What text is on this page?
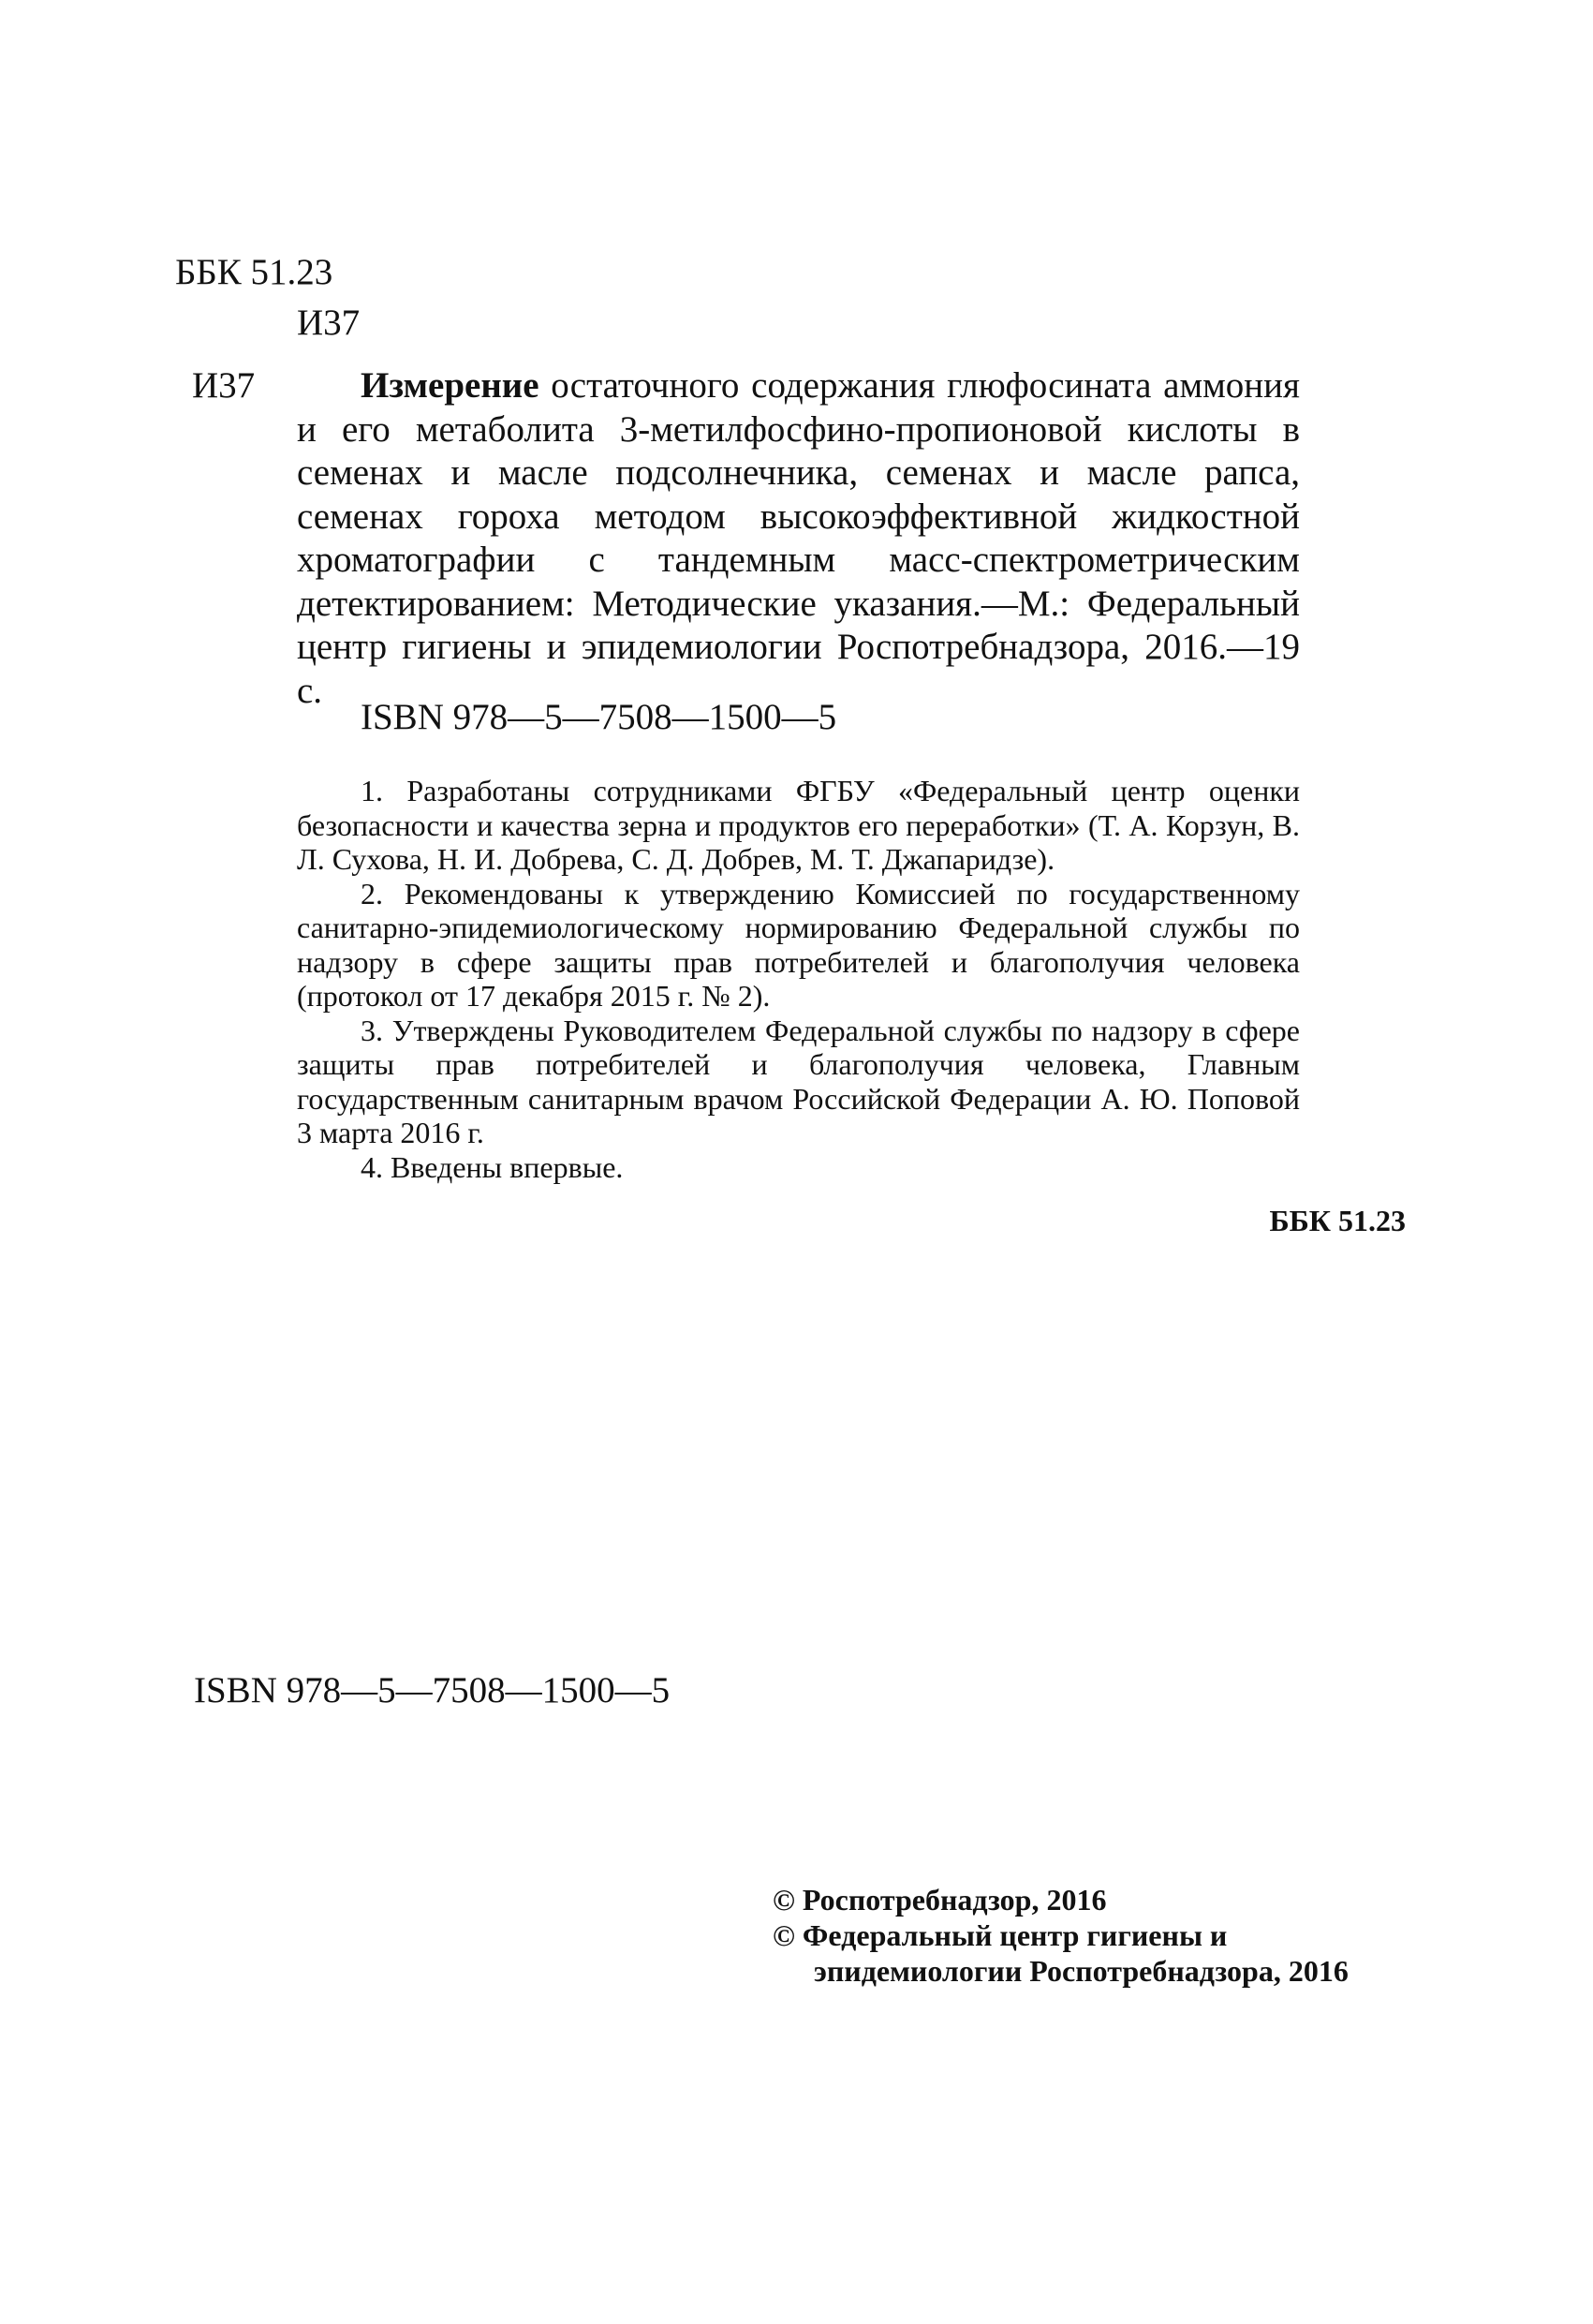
ББК 51.23
И37
И37	Измерение остаточного содержания глюфосината аммония и его метаболита 3-метилфосфино-пропионовой кислоты в семенах и масле подсолнечника, семенах и масле рапса, семенах гороха методом высокоэффективной жидкостной хроматографии с тандемным масс-спектрометрическим детектированием: Методические указания.—М.: Федеральный центр гигиены и эпидемиологии Роспотребнадзора, 2016.—19 с.
ISBN 978—5—7508—1500—5

1. Разработаны сотрудниками ФГБУ «Федеральный центр оценки безопасности и качества зерна и продуктов его переработки» (Т. А. Корзун, В. Л. Сухова, Н. И. Добрева, С. Д. Добрев, М. Т. Джапаридзе).

2. Рекомендованы к утверждению Комиссией по государственному санитарно-эпидемиологическому нормированию Федеральной службы по надзору в сфере защиты прав потребителей и благополучия человека (протокол от 17 декабря 2015 г. № 2).

3. Утверждены Руководителем Федеральной службы по надзору в сфере защиты прав потребителей и благополучия человека, Главным государственным санитарным врачом Российской Федерации А. Ю. Поповой 3 марта 2016 г.

4. Введены впервые.

ББК 51.23
ISBN 978—5—7508—1500—5
© Роспотребнадзор, 2016
© Федеральный центр гигиены и
эпидемиологии Роспотребнадзора, 2016
